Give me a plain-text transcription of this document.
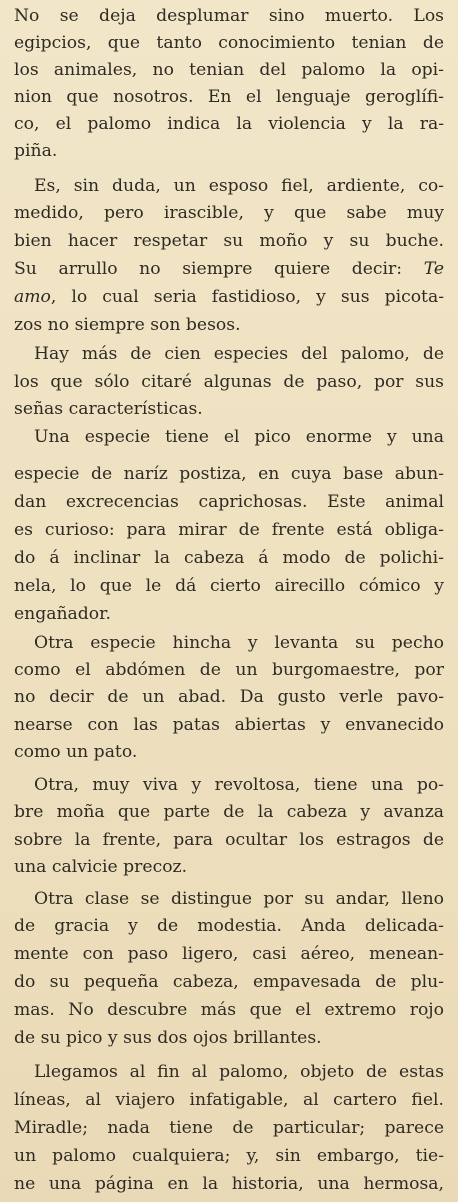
No se deja desplumar sino muerto. Los
egipcios, que tanto conocimiento tenian de
los animales, no tenian del palomo la opi-
nion que nosotros. En el lenguaje geroglífi-
co, el palomo indica la violencia y la ra-
piña.
Es, sin duda, un esposo fiel, ardiente, co-
medido, pero irascible, y que sabe muy
bien hacer respetar su moño y su buche.
Su arrullo no siempre quiere decir: Te
amo, lo cual seria fastidioso, y sus picota-
zos no siempre son besos.
Hay más de cien especies del palomo, de
los que sólo citaré algunas de paso, por sus
señas características.
Una especie tiene el pico enorme y una
especie de naríz postiza, en cuya base abun-
dan excrecencias caprichosas. Este animal
es curioso: para mirar de frente está obliga-
do á inclinar la cabeza á modo de polichi-
nela, lo que le dá cierto airecillo cómico y
engañador.
Otra especie hincha y levanta su pecho
como el abdómen de un burgomaestre, por
no decir de un abad. Da gusto verle pavo-
nearse con las patas abiertas y envanecido
como un pato.
Otra, muy viva y revoltosa, tiene una po-
bre moña que parte de la cabeza y avanza
sobre la frente, para ocultar los estragos de
una calvicie precoz.
Otra clase se distingue por su andar, lleno
de gracia y de modestia. Anda delicada-
mente con paso ligero, casi aéreo, menean-
do su pequeña cabeza, empavesada de plu-
mas. No descubre más que el extremo rojo
de su pico y sus dos ojos brillantes.
Llegamos al fin al palomo, objeto de estas
líneas, al viajero infatigable, al cartero fiel.
Miradle; nada tiene de particular; parece
un palomo cualquiera; y, sin embargo, tie-
ne una página en la historia, una hermosa,
